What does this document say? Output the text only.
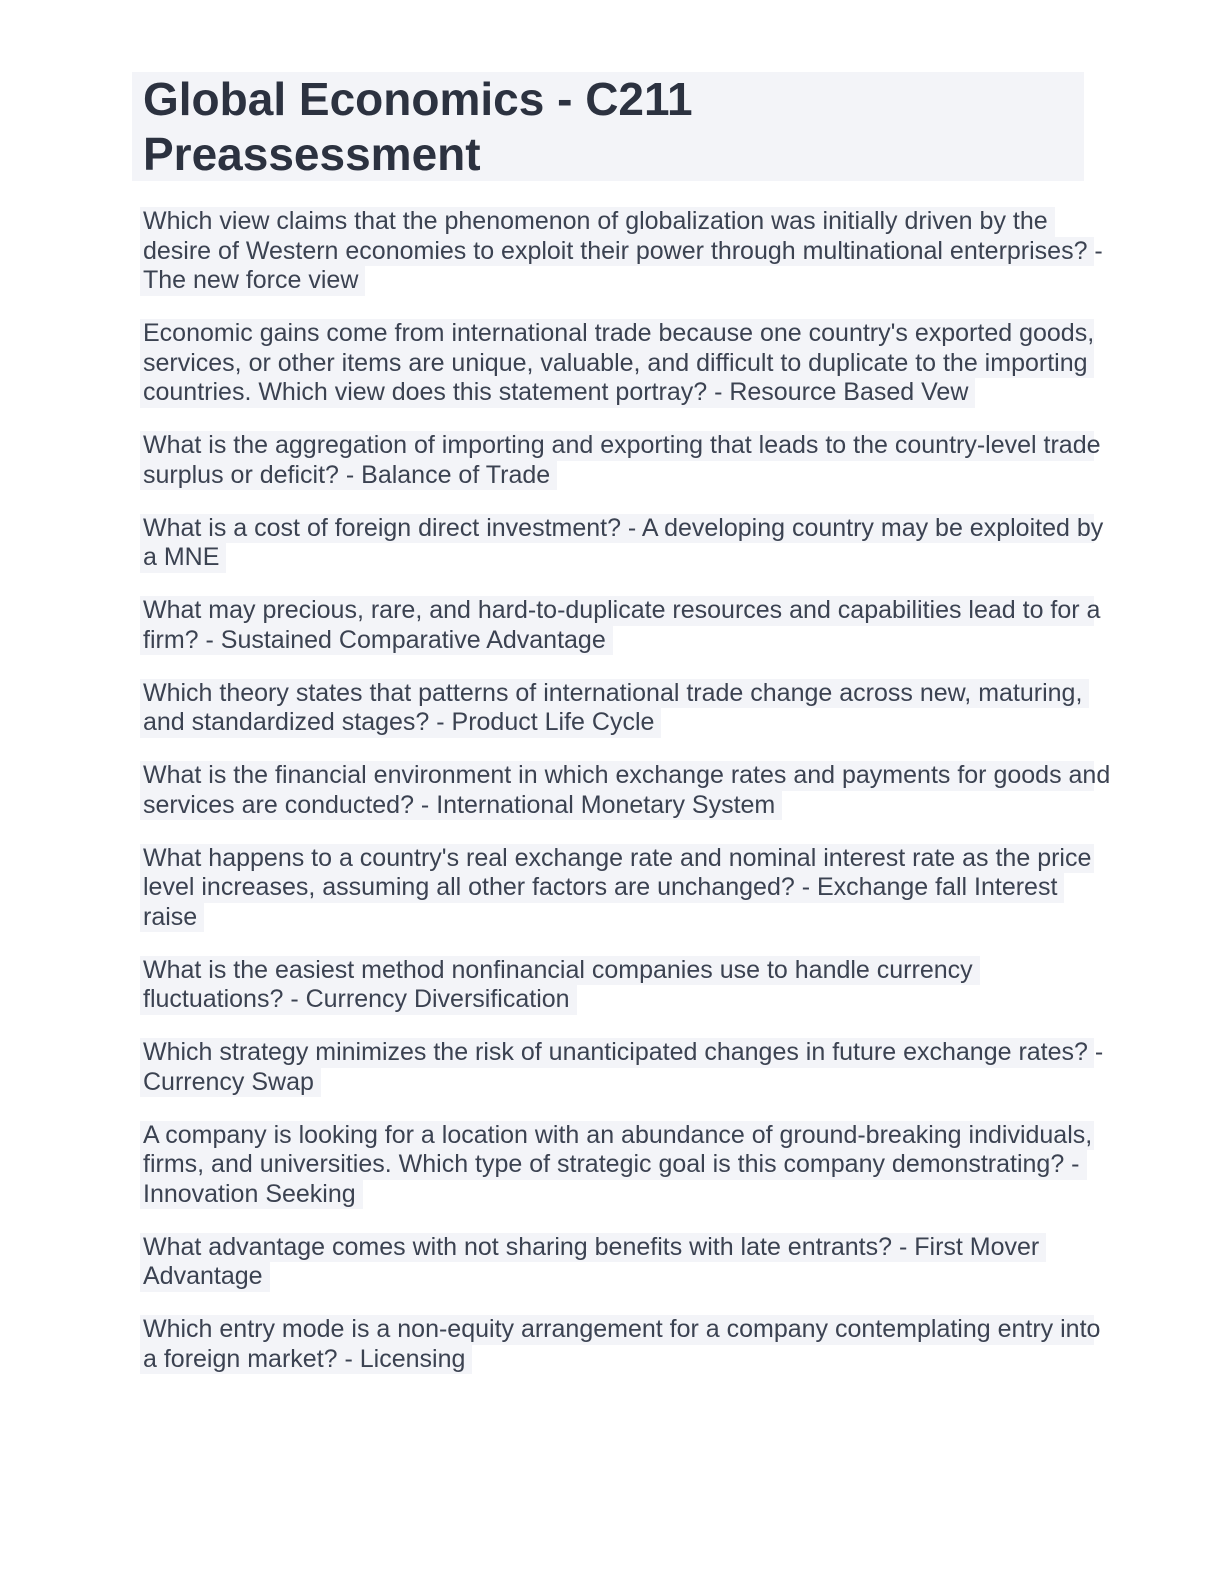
Global Economics - C211
Preassessment
Which view claims that the phenomenon of globalization was initially driven by the
desire of Western economies to exploit their power through multinational enterprises? -
The new force view
Economic gains come from international trade because one country's exported goods,
services, or other items are unique, valuable, and difficult to duplicate to the importing
countries. Which view does this statement portray? - Resource Based Vew
What is the aggregation of importing and exporting that leads to the country-level trade
surplus or deficit? - Balance of Trade
What is a cost of foreign direct investment? - A developing country may be exploited by
a MNE
What may precious, rare, and hard-to-duplicate resources and capabilities lead to for a
firm? - Sustained Comparative Advantage
Which theory states that patterns of international trade change across new, maturing,
and standardized stages? - Product Life Cycle
What is the financial environment in which exchange rates and payments for goods and
services are conducted? - International Monetary System
What happens to a country's real exchange rate and nominal interest rate as the price
level increases, assuming all other factors are unchanged? - Exchange fall Interest
raise
What is the easiest method nonfinancial companies use to handle currency
fluctuations? - Currency Diversification
Which strategy minimizes the risk of unanticipated changes in future exchange rates? -
Currency Swap
A company is looking for a location with an abundance of ground-breaking individuals,
firms, and universities. Which type of strategic goal is this company demonstrating? -
Innovation Seeking
What advantage comes with not sharing benefits with late entrants? - First Mover
Advantage
Which entry mode is a non-equity arrangement for a company contemplating entry into
a foreign market? - Licensing
